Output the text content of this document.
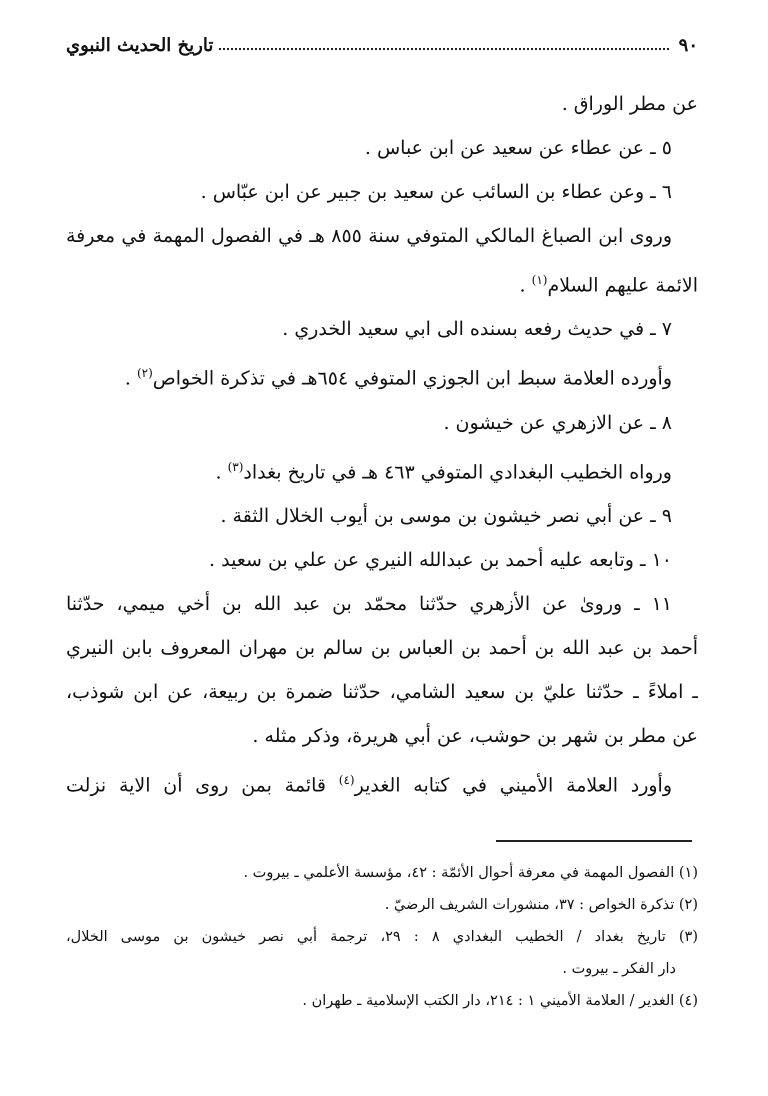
٩٠
تاريخ الحديث النبوي
عن مطر الوراق .
٥ ـ عن عطاء عن سعيد عن ابن عباس .
٦ ـ وعن عطاء بن السائب عن سعيد بن جبير عن ابن عبّاس .
وروى ابن الصباغ المالكي المتوفي سنة ٨٥٥ هـ في الفصول المهمة في معرفة
الائمة عليهم السلام$^{(١)}$ .
٧ ـ في حديث رفعه بسنده الى ابي سعيد الخدري .
وأورده العلامة سبط ابن الجوزي المتوفي ٦٥٤هـ في تذكرة الخواص$^{(٢)}$ .
٨ ـ عن الازهري عن خيشون .
ورواه الخطيب البغدادي المتوفي ٤٦٣ هـ في تاريخ بغداد$^{(٣)}$ .
٩ ـ عن أبي نصر خيشون بن موسى بن أيوب الخلال الثقة .
١٠ ـ وتابعه عليه أحمد بن عبدالله النيري عن علي بن سعيد .
١١ ـ وروىٰ عن الأزهري حدّثنا محمّد بن عبد الله بن أخي ميمي، حدّثنا
أحمد بن عبد الله بن أحمد بن العباس بن سالم بن مهران المعروف بابن النيري
ـ املاءً ـ حدّثنا عليّ بن سعيد الشامي، حدّثنا ضمرة بن ربيعة، عن ابن شوذب،
عن مطر بن شهر بن حوشب، عن أبي هريرة، وذكر مثله .
وأورد العلامة الأميني في كتابه الغدير$^{(٤)}$ قائمة بمن روى أن الاية نزلت
(١) الفصول المهمة في معرفة أحوال الأئمّة : ٤٢، مؤسسة الأعلمي ـ بيروت .
(٢) تذكرة الخواص : ٣٧، منشورات الشريف الرضيّ .
(٣) تاريخ بغداد / الخطيب البغدادي ٨ : ٢٩، ترجمة أبي نصر خيشون بن موسى الخلال،
دار الفكر ـ بيروت .
(٤) الغدير / العلامة الأميني ١ : ٢١٤، دار الكتب الإسلامية ـ طهران .
